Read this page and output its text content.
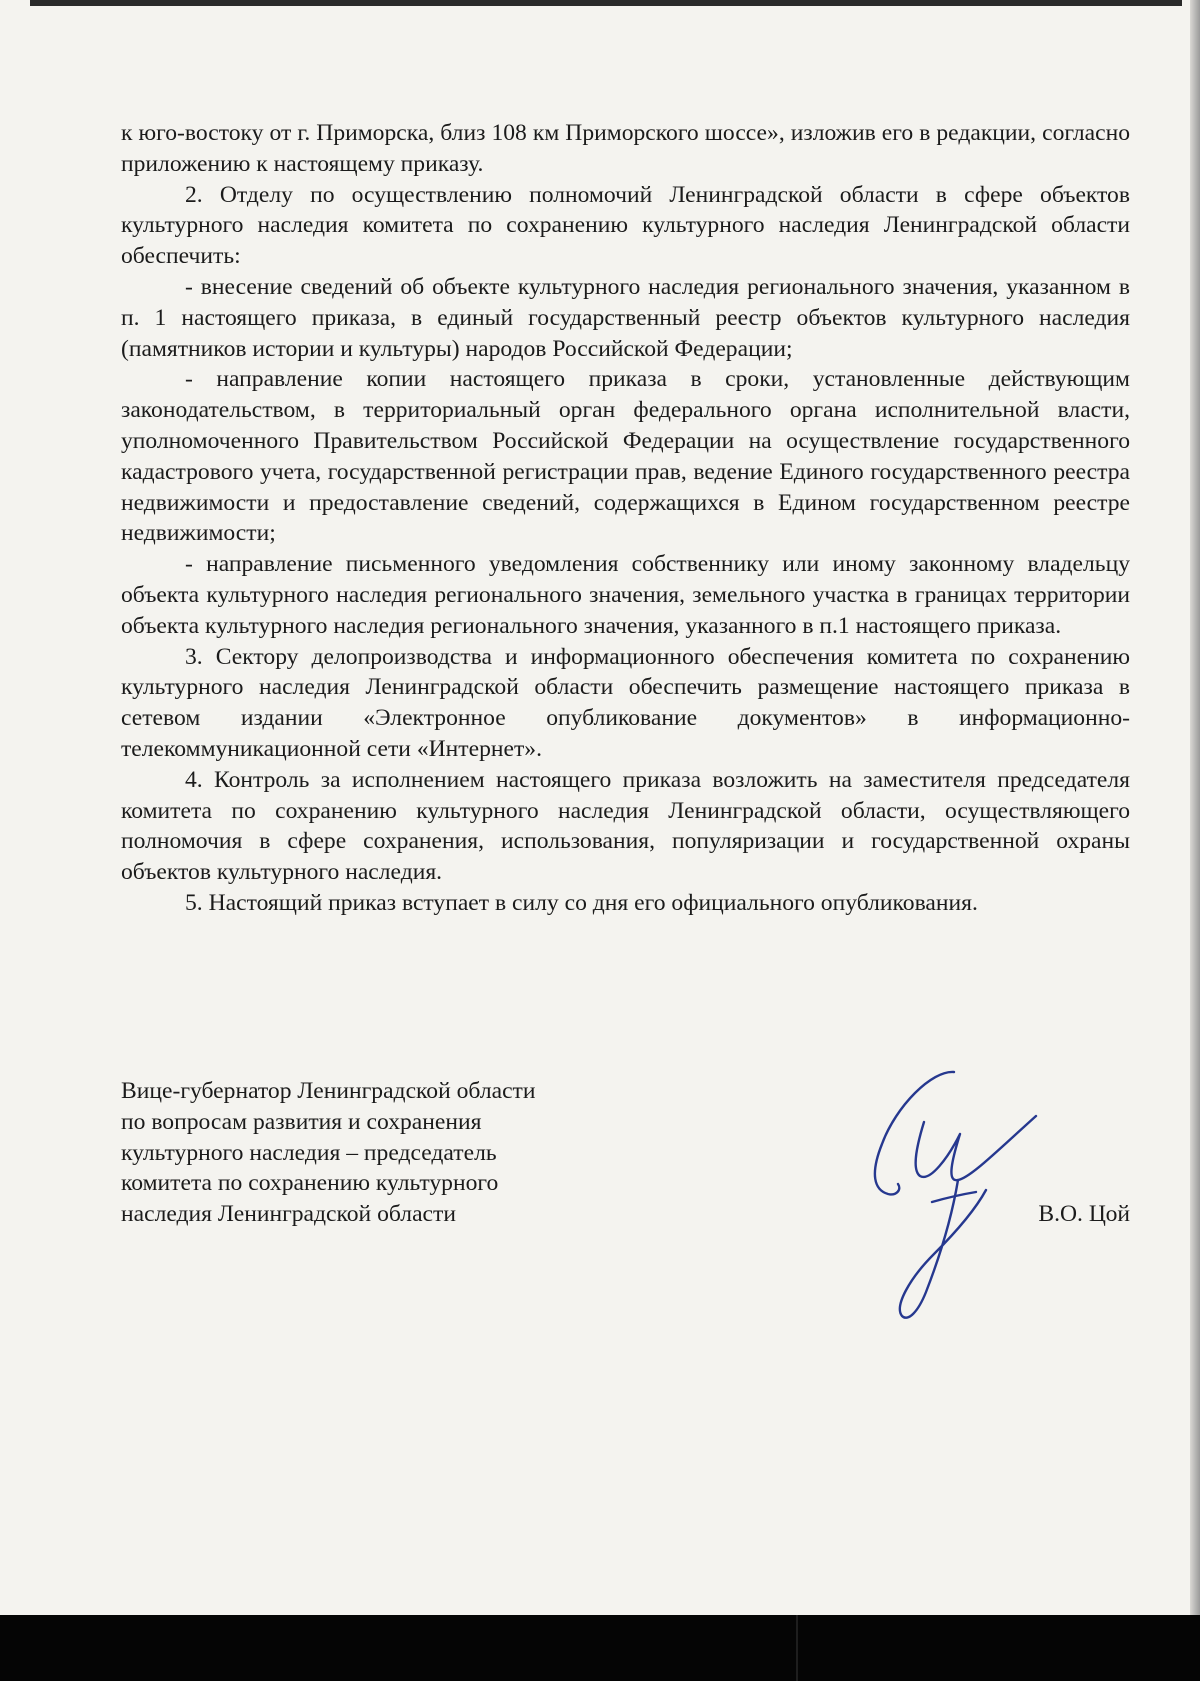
к юго-востоку от г. Приморска, близ 108 км Приморского шоссе», изложив его в редакции, согласно приложению к настоящему приказу.

2. Отделу по осуществлению полномочий Ленинградской области в сфере объектов культурного наследия комитета по сохранению культурного наследия Ленинградской области обеспечить:

- внесение сведений об объекте культурного наследия регионального значения, указанном в п. 1 настоящего приказа, в единый государственный реестр объектов культурного наследия (памятников истории и культуры) народов Российской Федерации;

- направление копии настоящего приказа в сроки, установленные действующим законодательством, в территориальный орган федерального органа исполнительной власти, уполномоченного Правительством Российской Федерации на осуществление государственного кадастрового учета, государственной регистрации прав, ведение Единого государственного реестра недвижимости и предоставление сведений, содержащихся в Едином государственном реестре недвижимости;

- направление письменного уведомления собственнику или иному законному владельцу объекта культурного наследия регионального значения, земельного участка в границах территории объекта культурного наследия регионального значения, указанного в п.1 настоящего приказа.

3. Сектору делопроизводства и информационного обеспечения комитета по сохранению культурного наследия Ленинградской области обеспечить размещение настоящего приказа в сетевом издании «Электронное опубликование документов» в информационно-телекоммуникационной сети «Интернет».

4. Контроль за исполнением настоящего приказа возложить на заместителя председателя комитета по сохранению культурного наследия Ленинградской области, осуществляющего полномочия в сфере сохранения, использования, популяризации и государственной охраны объектов культурного наследия.

5. Настоящий приказ вступает в силу со дня его официального опубликования.

Вице-губернатор Ленинградской области
по вопросам развития и сохранения
культурного наследия – председатель
комитета по сохранению культурного
наследия Ленинградской области	В.О. Цой
